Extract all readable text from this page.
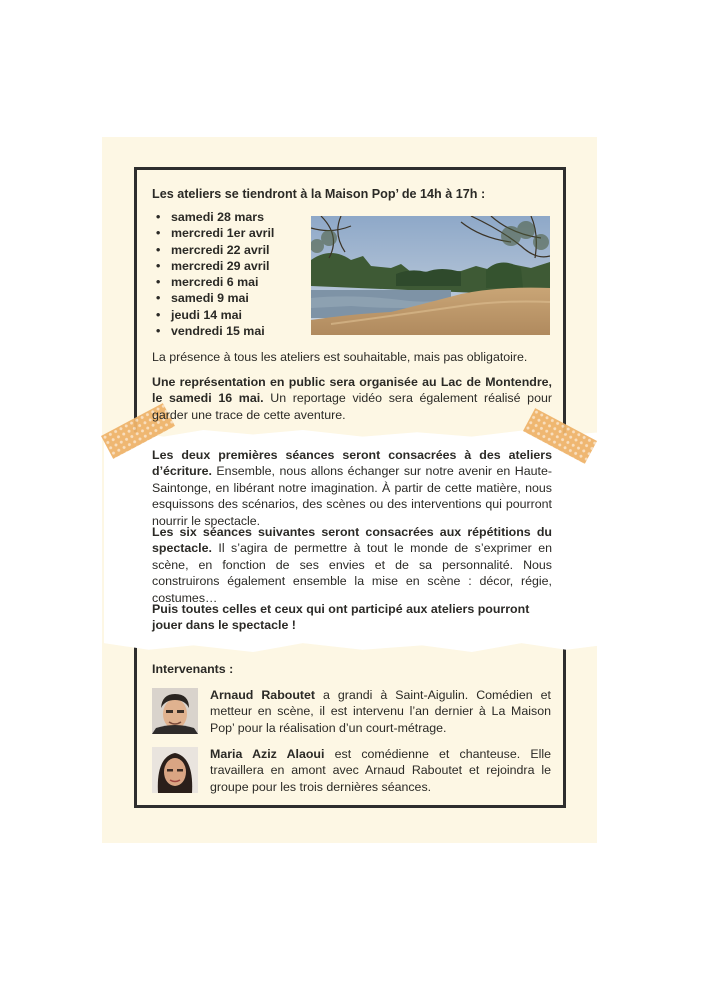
Les ateliers se tiendront à la Maison Pop’ de 14h à 17h :
• samedi 28 mars
• mercredi 1er avril
• mercredi 22 avril
• mercredi 29 avril
• mercredi 6 mai
• samedi 9 mai
• jeudi 14 mai
• vendredi 15 mai
La présence à tous les ateliers est souhaitable, mais pas obligatoire.
Une représentation en public sera organisée au Lac de Montendre, le samedi 16 mai. Un reportage vidéo sera également réalisé pour garder une trace de cette aventure.
Les deux premières séances seront consacrées à des ateliers d’écriture. Ensemble, nous allons échanger sur notre avenir en Haute-Saintonge, en libérant notre imagination. À partir de cette matière, nous esquissons des scénarios, des scènes ou des interventions qui pourront nourrir le spectacle.
Les six séances suivantes seront consacrées aux répétitions du spectacle. Il s’agira de permettre à tout le monde de s’exprimer en scène, en fonction de ses envies et de sa personnalité. Nous construirons également ensemble la mise en scène : décor, régie, costumes…
Puis toutes celles et ceux qui ont participé aux ateliers pourront jouer dans le spectacle !
Intervenants :
Arnaud Raboutet a grandi à Saint-Aigulin. Comédien et metteur en scène, il est intervenu l’an dernier à La Maison Pop’ pour la réalisation d’un court-métrage.
Maria Aziz Alaoui est comédienne et chanteuse. Elle travaillera en amont avec Arnaud Raboutet et rejoindra le groupe pour les trois dernières séances.
